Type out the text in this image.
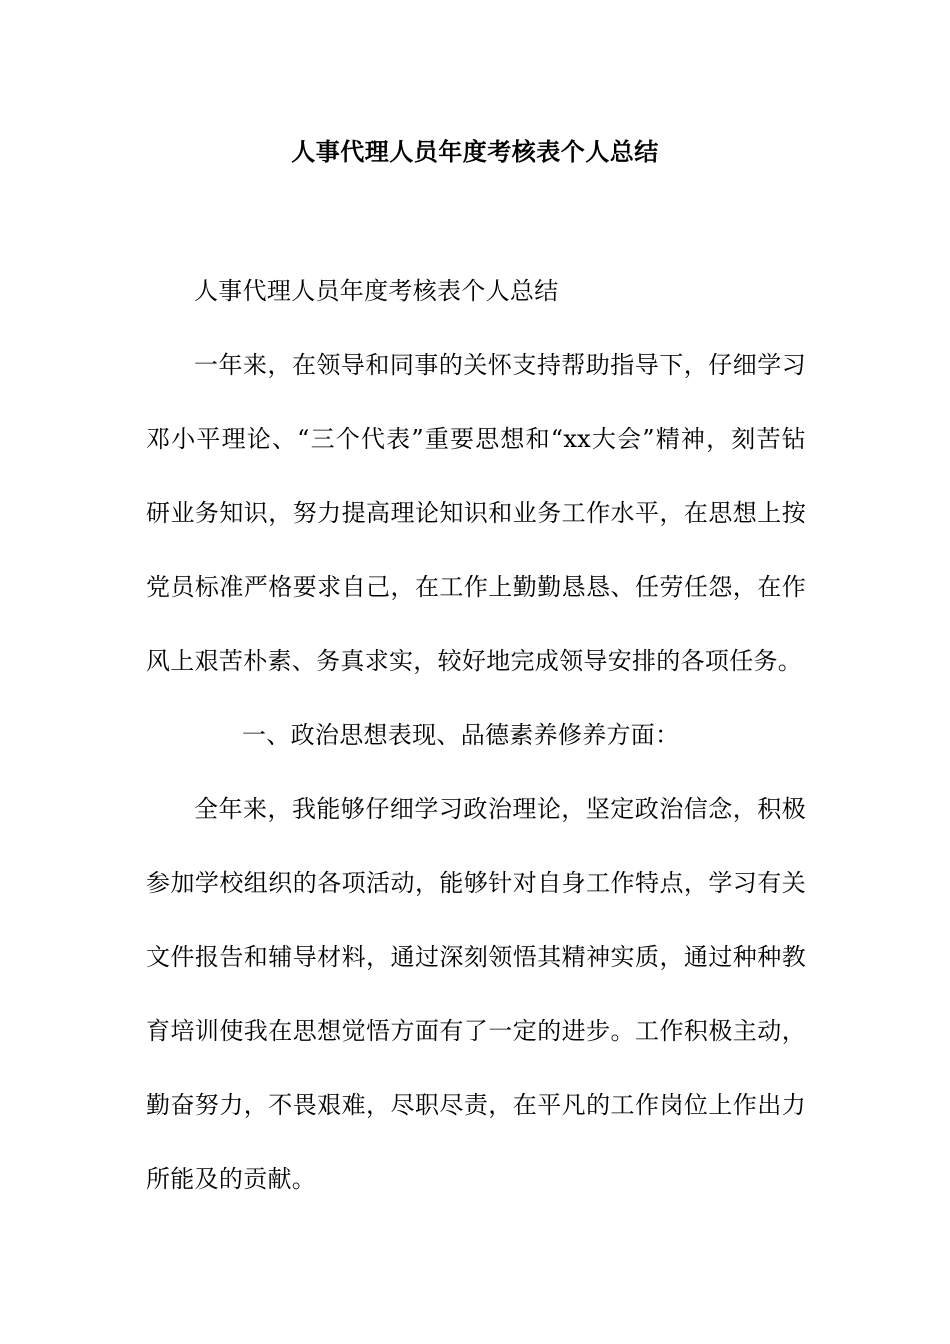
人事代理人员年度考核表个人总结

人事代理人员年度考核表个人总结

一年来，在领导和同事的关怀支持帮助指导下，仔细学习邓小平理论、“三个代表”重要思想和“xx大会”精神，刻苦钻研业务知识，努力提高理论知识和业务工作水平，在思想上按党员标准严格要求自己，在工作上勤勤恳恳、任劳任怨，在作风上艰苦朴素、务真求实，较好地完成领导安排的各项任务。

一、政治思想表现、品德素养修养方面：

全年来，我能够仔细学习政治理论，坚定政治信念，积极参加学校组织的各项活动，能够针对自身工作特点，学习有关文件报告和辅导材料，通过深刻领悟其精神实质，通过种种教育培训使我在思想觉悟方面有了一定的进步。工作积极主动，勤奋努力，不畏艰难，尽职尽责，在平凡的工作岗位上作出力所能及的贡献。
